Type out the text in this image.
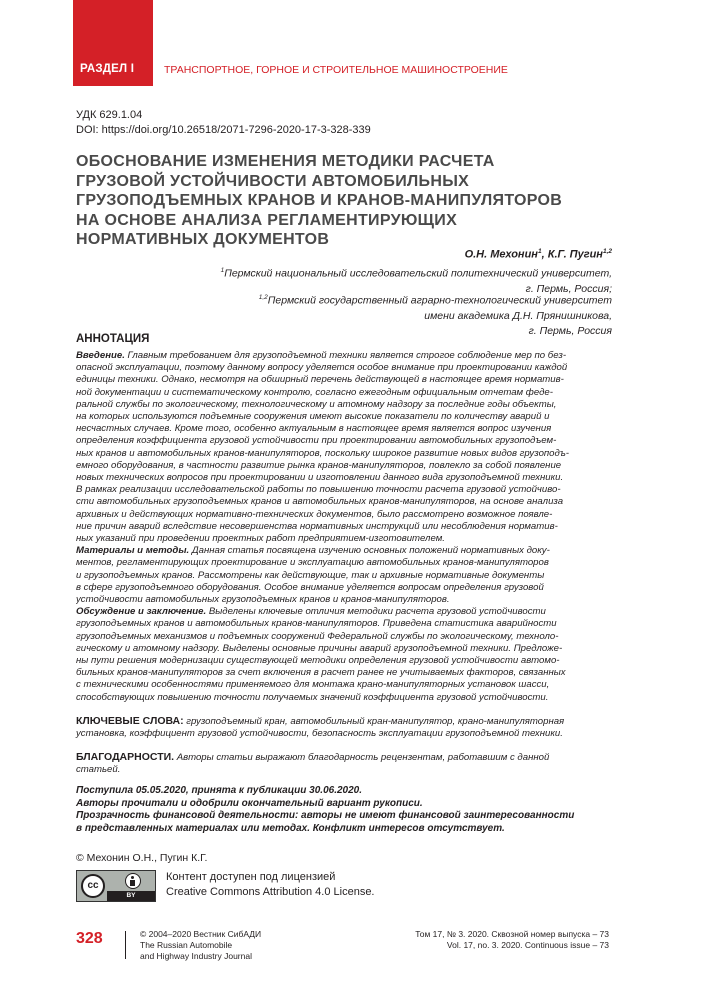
РАЗДЕЛ I	ТРАНСПОРТНОЕ, ГОРНОЕ И СТРОИТЕЛЬНОЕ МАШИНОСТРОЕНИЕ
УДК 629.1.04
DOI: https://doi.org/10.26518/2071-7296-2020-17-3-328-339
ОБОСНОВАНИЕ ИЗМЕНЕНИЯ МЕТОДИКИ РАСЧЕТА
ГРУЗОВОЙ УСТОЙЧИВОСТИ АВТОМОБИЛЬНЫХ
ГРУЗОПОДЪЕМНЫХ КРАНОВ И КРАНОВ-МАНИПУЛЯТОРОВ
НА ОСНОВЕ АНАЛИЗА РЕГЛАМЕНТИРУЮЩИХ
НОРМАТИВНЫХ ДОКУМЕНТОВ
О.Н. Мехонин$^1$, К.Г. Пугин$^{1,2}$
$^1$Пермский национальный исследовательский политехнический университет,
г. Пермь, Россия;
$^{1,2}$Пермский государственный аграрно-технологический университет
имени академика Д.Н. Прянишникова,
г. Пермь, Россия
АННОТАЦИЯ
Введение. Главным требованием для грузоподъемной техники является строгое соблюдение мер по без-
опасной эксплуатации, поэтому данному вопросу уделяется особое внимание при проектировании каждой
единицы техники. Однако, несмотря на обширный перечень действующей в настоящее время норматив-
ной документации и систематическому контролю, согласно ежегодным официальным отчетам феде-
ральной службы по экологическому, технологическому и атомному надзору за последние годы объекты,
на которых используются подъемные сооружения имеют высокие показатели по количеству аварий и
несчастных случаев. Кроме того, особенно актуальным в настоящее время является вопрос изучения
определения коэффициента грузовой устойчивости при проектировании автомобильных грузоподъем-
ных кранов и автомобильных кранов-манипуляторов, поскольку широкое развитие новых видов грузоподъ-
емного оборудования, в частности развитие рынка кранов-манипуляторов, повлекло за собой появление
новых технических вопросов при проектировании и изготовлении данного вида грузоподъемной техники.
В рамках реализации исследовательской работы по повышению точности расчета грузовой устойчиво-
сти автомобильных грузоподъемных кранов и автомобильных кранов-манипуляторов, на основе анализа
архивных и действующих нормативно-технических документов, было рассмотрено возможное появле-
ние причин аварий вследствие несовершенства нормативных инструкций или несоблюдения норматив-
ных указаний при проведении проектных работ предприятием-изготовителем.
Материалы и методы. Данная статья посвящена изучению основных положений нормативных доку-
ментов, регламентирующих проектирование и эксплуатацию автомобильных кранов-манипуляторов
и грузоподъемных кранов. Рассмотрены как действующие, так и архивные нормативные документы
в сфере грузоподъемного оборудования. Особое внимание уделяется вопросам определения грузовой
устойчивости автомобильных грузоподъемных кранов и кранов-манипуляторов.
Обсуждение и заключение. Выделены ключевые отличия методики расчета грузовой устойчивости
грузоподъемных кранов и автомобильных кранов-манипуляторов. Приведена статистика аварийности
грузоподъемных механизмов и подъемных сооружений Федеральной службы по экологическому, техноло-
гическому и атомному надзору. Выделены основные причины аварий грузоподъемной техники. Предложе-
ны пути решения модернизации существующей методики определения грузовой устойчивости автомо-
бильных кранов-манипуляторов за счет включения в расчет ранее не учитываемых факторов, связанных
с техническими особенностями применяемого для монтажа крано-манипуляторных установок шасси,
способствующих повышению точности получаемых значений коэффициента грузовой устойчивости.
КЛЮЧЕВЫЕ СЛОВА: грузоподъемный кран, автомобильный кран-манипулятор, крано-манипуляторная
установка, коэффициент грузовой устойчивости, безопасность эксплуатации грузоподъемной техники.
БЛАГОДАРНОСТИ. Авторы статьи выражают благодарность рецензентам, работавшим с данной
статьей.
Поступила 05.05.2020, принята к публикации 30.06.2020.
Авторы прочитали и одобрили окончательный вариант рукописи.
Прозрачность финансовой деятельности: авторы не имеют финансовой заинтересованности
в представленных материалах или методах. Конфликт интересов отсутствует.
© Мехонин О.Н., Пугин К.Г.
cc
BY
Контент доступен под лицензией
Creative Commons Attribution 4.0 License.
328	© 2004–2020 Вестник СибАДИ
The Russian Automobile
and Highway Industry Journal
Том 17, № 3. 2020. Сквозной номер выпуска – 73
Vol. 17, no. 3. 2020. Continuous issue – 73
